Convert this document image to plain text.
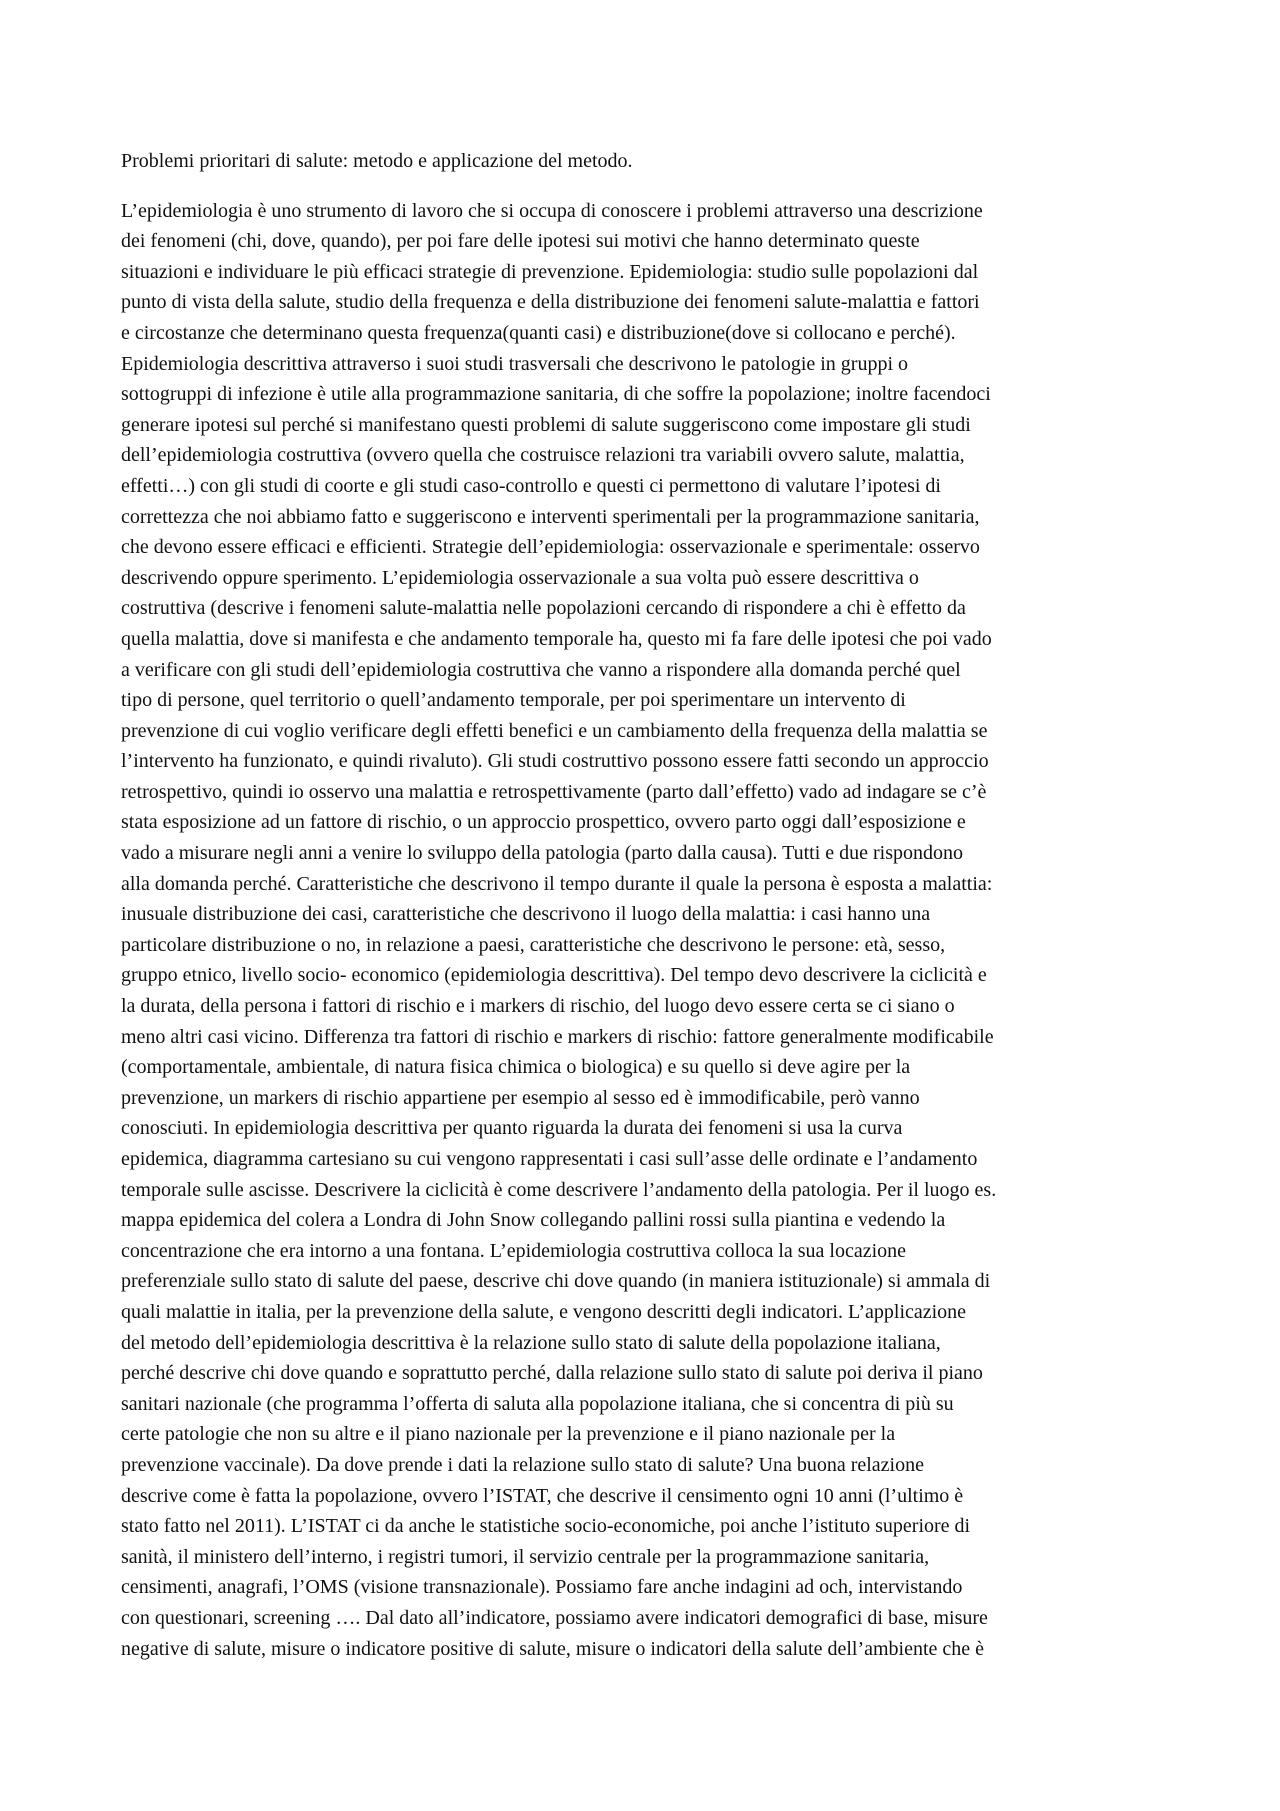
Problemi prioritari di salute: metodo e applicazione del metodo.
L’epidemiologia è uno strumento di lavoro che si occupa di conoscere i problemi attraverso una descrizione
dei fenomeni (chi, dove, quando), per poi fare delle ipotesi sui motivi che hanno determinato queste
situazioni e individuare le più efficaci strategie di prevenzione. Epidemiologia: studio sulle popolazioni dal
punto di vista della salute, studio della frequenza e della distribuzione dei fenomeni salute-malattia e fattori
e circostanze che determinano questa frequenza(quanti casi) e distribuzione(dove si collocano e perché).
Epidemiologia descrittiva attraverso i suoi studi trasversali che descrivono le patologie in gruppi o
sottogruppi di infezione è utile alla programmazione sanitaria, di che soffre la popolazione; inoltre facendoci
generare ipotesi sul perché si manifestano questi problemi di salute suggeriscono come impostare gli studi
dell’epidemiologia costruttiva (ovvero quella che costruisce relazioni tra variabili ovvero salute, malattia,
effetti…) con gli studi di coorte e gli studi caso-controllo e questi ci permettono di valutare l’ipotesi di
correttezza che noi abbiamo fatto e suggeriscono e interventi sperimentali per la programmazione sanitaria,
che devono essere efficaci e efficienti. Strategie dell’epidemiologia: osservazionale e sperimentale: osservo
descrivendo oppure sperimento. L’epidemiologia osservazionale a sua volta può essere descrittiva o
costruttiva (descrive i fenomeni salute-malattia nelle popolazioni cercando di rispondere a chi è effetto da
quella malattia, dove si manifesta e che andamento temporale ha, questo mi fa fare delle ipotesi che poi vado
a verificare con gli studi dell’epidemiologia costruttiva che vanno a rispondere alla domanda perché quel
tipo di persone, quel territorio o quell’andamento temporale, per poi sperimentare un intervento di
prevenzione di cui voglio verificare degli effetti benefici e un cambiamento della frequenza della malattia se
l’intervento ha funzionato, e quindi rivaluto). Gli studi costruttivo possono essere fatti secondo un approccio
retrospettivo, quindi io osservo una malattia e retrospettivamente (parto dall’effetto) vado ad indagare se c’è
stata esposizione ad un fattore di rischio, o un approccio prospettico, ovvero parto oggi dall’esposizione e
vado a misurare negli anni a venire lo sviluppo della patologia (parto dalla causa). Tutti e due rispondono
alla domanda perché. Caratteristiche che descrivono il tempo durante il quale la persona è esposta a malattia:
inusuale distribuzione dei casi, caratteristiche che descrivono il luogo della malattia: i casi hanno una
particolare distribuzione o no, in relazione a paesi, caratteristiche che descrivono le persone: età, sesso,
gruppo etnico, livello socio- economico (epidemiologia descrittiva). Del tempo devo descrivere la ciclicità e
la durata, della persona i fattori di rischio e i markers di rischio, del luogo devo essere certa se ci siano o
meno altri casi vicino. Differenza tra fattori di rischio e markers di rischio: fattore generalmente modificabile
(comportamentale, ambientale, di natura fisica chimica o biologica) e su quello si deve agire per la
prevenzione, un markers di rischio appartiene per esempio al sesso ed è immodificabile, però vanno
conosciuti. In epidemiologia descrittiva per quanto riguarda la durata dei fenomeni si usa la curva
epidemica, diagramma cartesiano su cui vengono rappresentati i casi sull’asse delle ordinate e l’andamento
temporale sulle ascisse. Descrivere la ciclicità è come descrivere l’andamento della patologia. Per il luogo es.
mappa epidemica del colera a Londra di John Snow collegando pallini rossi sulla piantina e vedendo la
concentrazione che era intorno a una fontana. L’epidemiologia costruttiva colloca la sua locazione
preferenziale sullo stato di salute del paese, descrive chi dove quando (in maniera istituzionale) si ammala di
quali malattie in italia, per la prevenzione della salute, e vengono descritti degli indicatori. L’applicazione
del metodo dell’epidemiologia descrittiva è la relazione sullo stato di salute della popolazione italiana,
perché descrive chi dove quando e soprattutto perché, dalla relazione sullo stato di salute poi deriva il piano
sanitari nazionale (che programma l’offerta di saluta alla popolazione italiana, che si concentra di più su
certe patologie che non su altre e il piano nazionale per la prevenzione e il piano nazionale per la
prevenzione vaccinale). Da dove prende i dati la relazione sullo stato di salute? Una buona relazione
descrive come è fatta la popolazione, ovvero l’ISTAT, che descrive il censimento ogni 10 anni (l’ultimo è
stato fatto nel 2011). L’ISTAT ci da anche le statistiche socio-economiche, poi anche l’istituto superiore di
sanità, il ministero dell’interno, i registri tumori, il servizio centrale per la programmazione sanitaria,
censimenti, anagrafi, l’OMS (visione transnazionale). Possiamo fare anche indagini ad och, intervistando
con questionari, screening …. Dal dato all’indicatore, possiamo avere indicatori demografici di base, misure
negative di salute, misure o indicatore positive di salute, misure o indicatori della salute dell’ambiente che è
